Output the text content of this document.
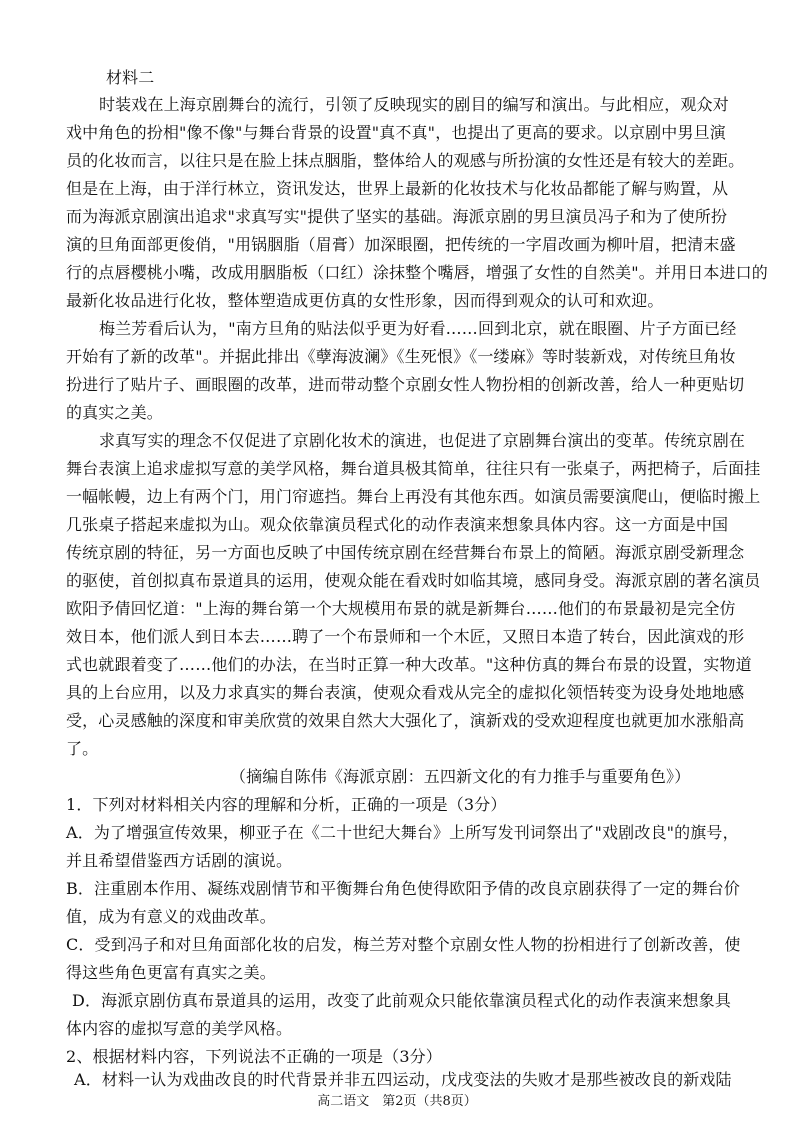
材料二
时装戏在上海京剧舞台的流行，引领了反映现实的剧目的编写和演出。与此相应，观众对
戏中角色的扮相"像不像"与舞台背景的设置"真不真"，也提出了更高的要求。以京剧中男旦演
员的化妆而言，以往只是在脸上抹点胭脂，整体给人的观感与所扮演的女性还是有较大的差距。
但是在上海，由于洋行林立，资讯发达，世界上最新的化妆技术与化妆品都能了解与购置，从
而为海派京剧演出追求"求真写实"提供了坚实的基础。海派京剧的男旦演员冯子和为了使所扮
演的旦角面部更俊俏，"用锅胭脂（眉膏）加深眼圈，把传统的一字眉改画为柳叶眉，把清末盛
行的点唇樱桃小嘴，改成用胭脂板（口红）涂抹整个嘴唇，增强了女性的自然美"。并用日本进口的
最新化妆品进行化妆，整体塑造成更仿真的女性形象，因而得到观众的认可和欢迎。
梅兰芳看后认为，"南方旦角的贴法似乎更为好看……回到北京，就在眼圈、片子方面已经
开始有了新的改革"。并据此排出《孽海波澜》《生死恨》《一缕麻》等时装新戏，对传统旦角妆
扮进行了贴片子、画眼圈的改革，进而带动整个京剧女性人物扮相的创新改善，给人一种更贴切
的真实之美。
求真写实的理念不仅促进了京剧化妆术的演进，也促进了京剧舞台演出的变革。传统京剧在
舞台表演上追求虚拟写意的美学风格，舞台道具极其简单，往往只有一张桌子，两把椅子，后面挂
一幅帐幔，边上有两个门，用门帘遮挡。舞台上再没有其他东西。如演员需要演爬山，便临时搬上
几张桌子搭起来虚拟为山。观众依靠演员程式化的动作表演来想象具体内容。这一方面是中国
传统京剧的特征，另一方面也反映了中国传统京剧在经营舞台布景上的简陋。海派京剧受新理念
的驱使，首创拟真布景道具的运用，使观众能在看戏时如临其境，感同身受。海派京剧的著名演员
欧阳予倩回忆道："上海的舞台第一个大规模用布景的就是新舞台……他们的布景最初是完全仿
效日本，他们派人到日本去……聘了一个布景师和一个木匠，又照日本造了转台，因此演戏的形
式也就跟着变了……他们的办法，在当时正算一种大改革。"这种仿真的舞台布景的设置，实物道
具的上台应用，以及力求真实的舞台表演，使观众看戏从完全的虚拟化领悟转变为设身处地地感
受，心灵感触的深度和审美欣赏的效果自然大大强化了，演新戏的受欢迎程度也就更加水涨船高
了。
（摘编自陈伟《海派京剧：五四新文化的有力推手与重要角色》）
1．下列对材料相关内容的理解和分析，正确的一项是（3分）
A．为了增强宣传效果，柳亚子在《二十世纪大舞台》上所写发刊词祭出了"戏剧改良"的旗号，
并且希望借鉴西方话剧的演说。
B．注重剧本作用、凝练戏剧情节和平衡舞台角色使得欧阳予倩的改良京剧获得了一定的舞台价
值，成为有意义的戏曲改革。
C．受到冯子和对旦角面部化妆的启发，梅兰芳对整个京剧女性人物的扮相进行了创新改善，使
得这些角色更富有真实之美。
D．海派京剧仿真布景道具的运用，改变了此前观众只能依靠演员程式化的动作表演来想象具
体内容的虚拟写意的美学风格。
2、根据材料内容，下列说法不正确的一项是（3分）
A．材料一认为戏曲改良的时代背景并非五四运动，戊戌变法的失败才是那些被改良的新戏陆
高二语文　第2页（共8页）
